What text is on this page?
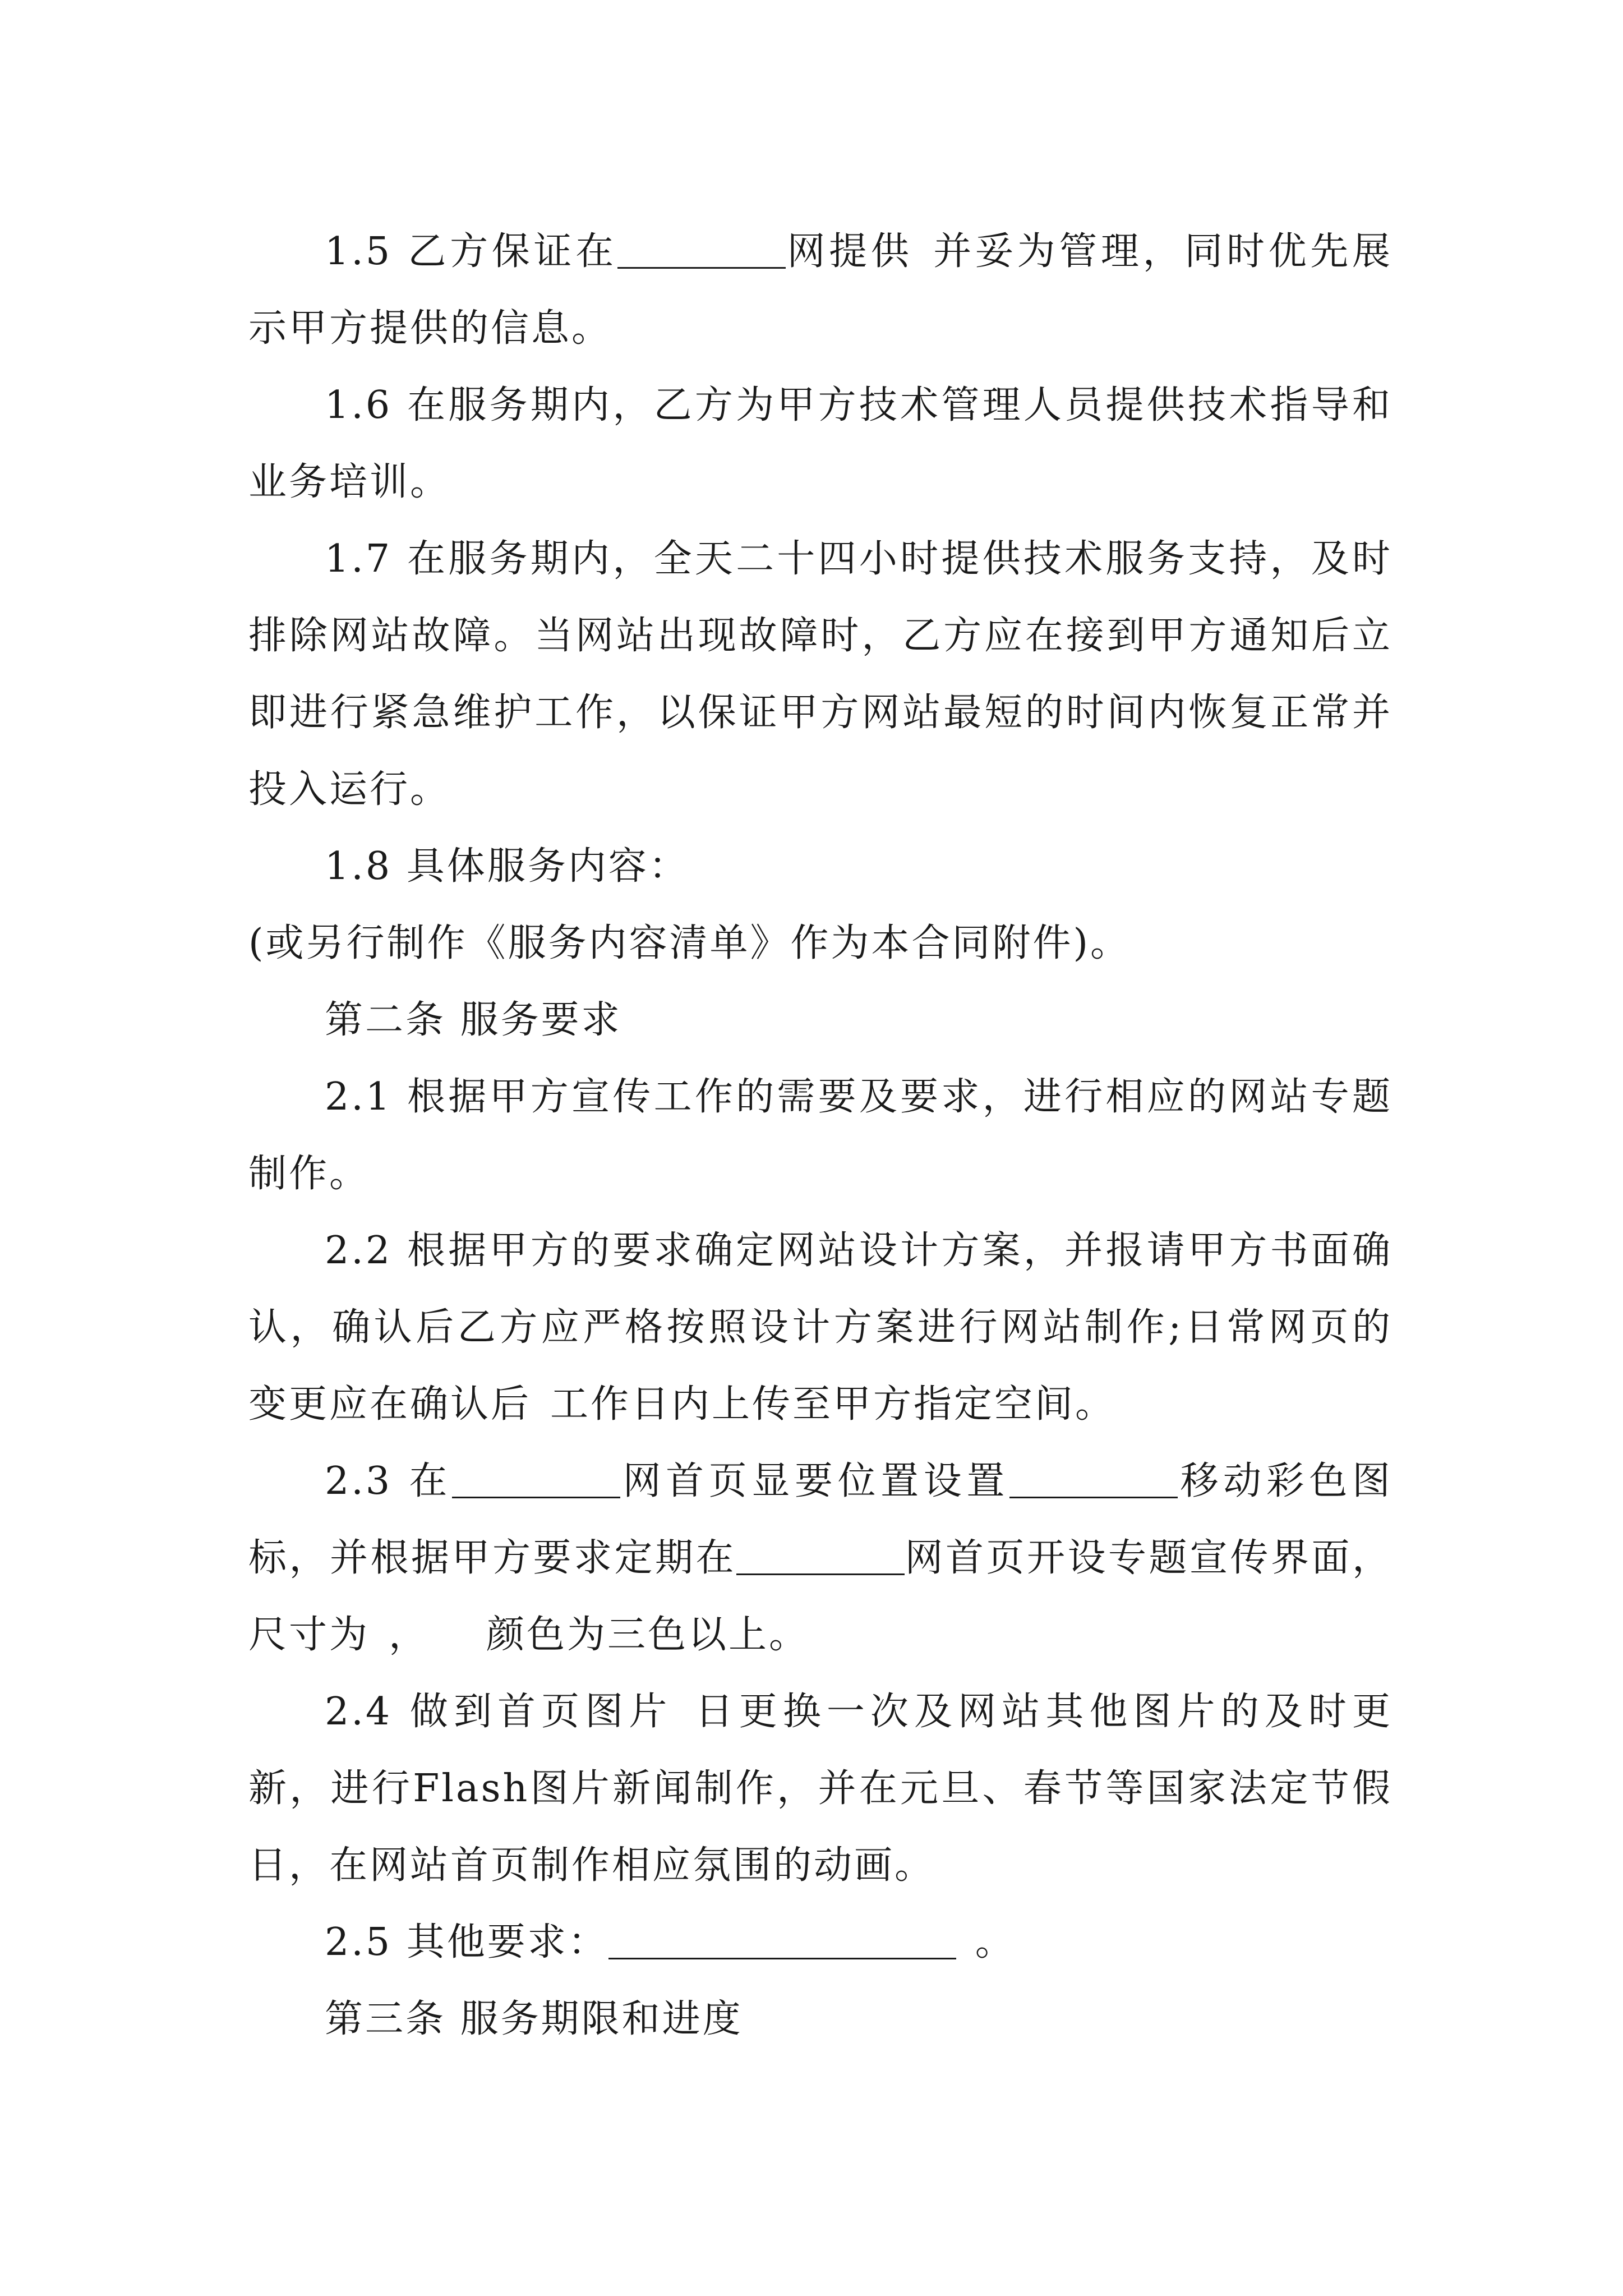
1.5 乙方保证在	网提供 并妥为管理，同时优先展示甲方提供的信息。

1.6 在服务期内，乙方为甲方技术管理人员提供技术指导和业务培训。

1.7 在服务期内，全天二十四小时提供技术服务支持，及时排除网站故障。当网站出现故障时，乙方应在接到甲方通知后立即进行紧急维护工作，以保证甲方网站最短的时间内恢复正常并投入运行。

1.8 具体服务内容：

(或另行制作《服务内容清单》作为本合同附件)。

第二条 服务要求

2.1 根据甲方宣传工作的需要及要求，进行相应的网站专题制作。

2.2 根据甲方的要求确定网站设计方案，并报请甲方书面确认，确认后乙方应严格按照设计方案进行网站制作;日常网页的变更应在确认后 工作日内上传至甲方指定空间。

2.3 在	网首页显要位置设置	移动彩色图标，并根据甲方要求定期在	网首页开设专题宣传界面，尺寸为 ， 颜色为三色以上。

2.4 做到首页图片 日更换一次及网站其他图片的及时更新，进行Flash图片新闻制作，并在元旦、春节等国家法定节假日，在网站首页制作相应氛围的动画。

2.5 其他要求：	。

第三条 服务期限和进度
